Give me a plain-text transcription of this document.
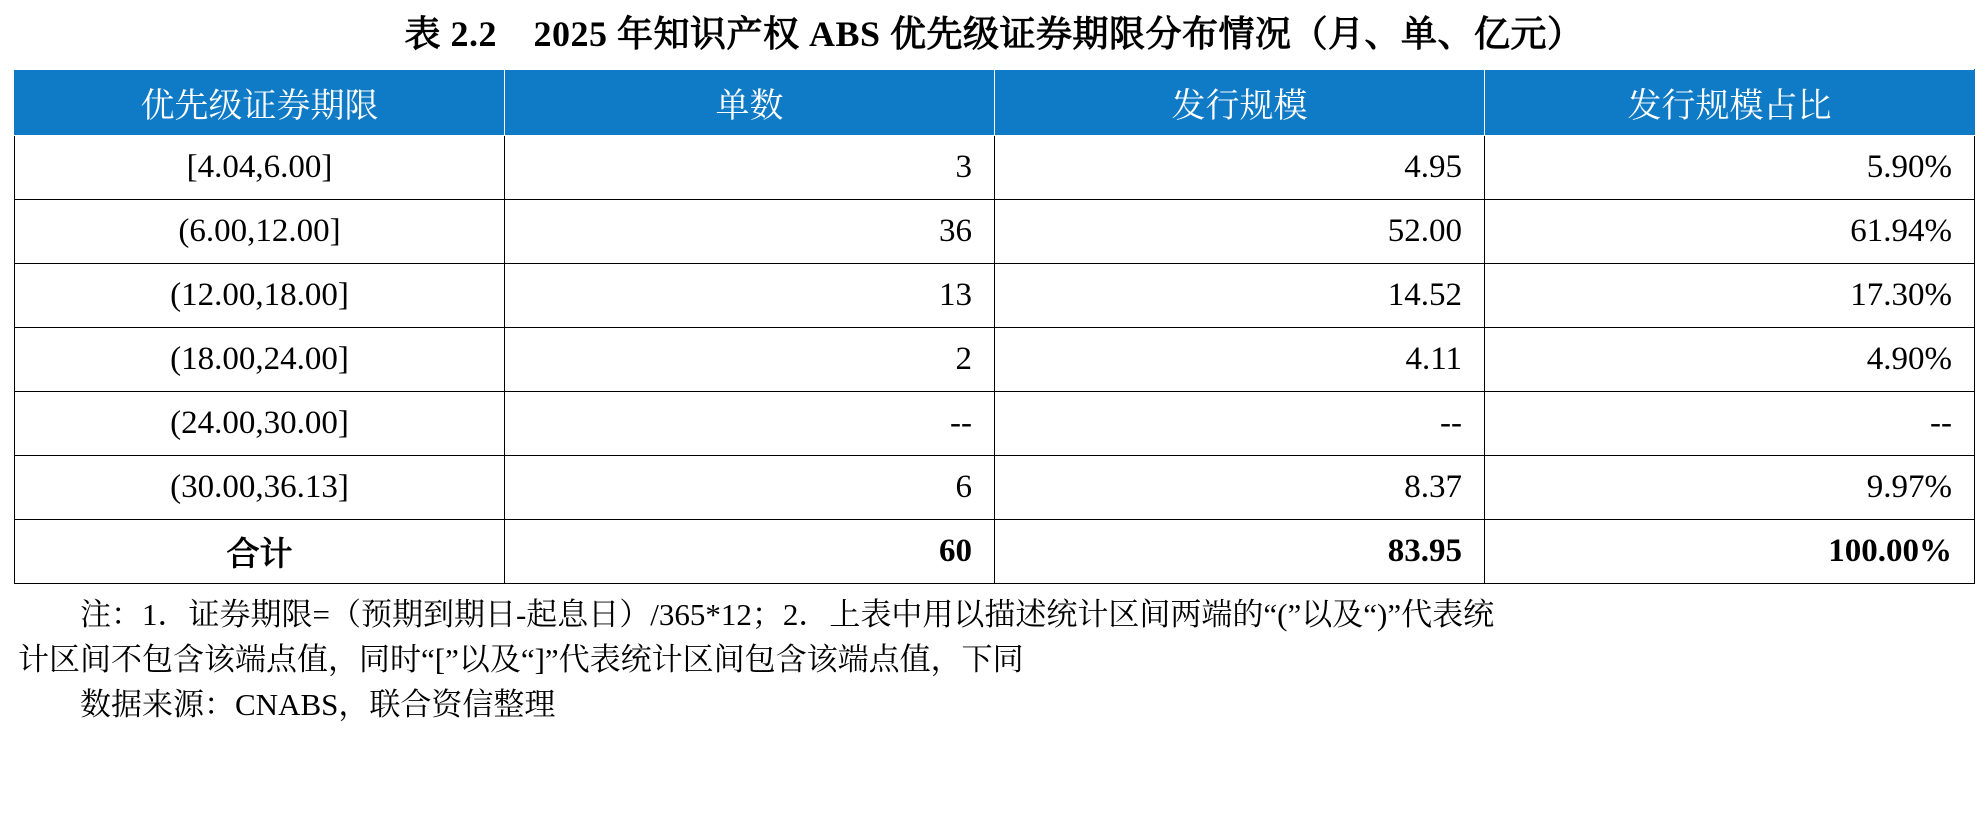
表 2.2　2025 年知识产权 ABS 优先级证券期限分布情况（月、单、亿元）
优先级证券期限	单数	发行规模	发行规模占比
[4.04,6.00]	3	4.95	5.90%
(6.00,12.00]	36	52.00	61.94%
(12.00,18.00]	13	14.52	17.30%
(18.00,24.00]	2	4.11	4.90%
(24.00,30.00]	--	--	--
(30.00,36.13]	6	8.37	9.97%
合计	60	83.95	100.00%

注：1．证券期限=（预期到期日-起息日）/365*12；2．上表中用以描述统计区间两端的“(”以及“)”代表统

计区间不包含该端点值，同时“[”以及“]”代表统计区间包含该端点值，下同

数据来源：CNABS，联合资信整理
